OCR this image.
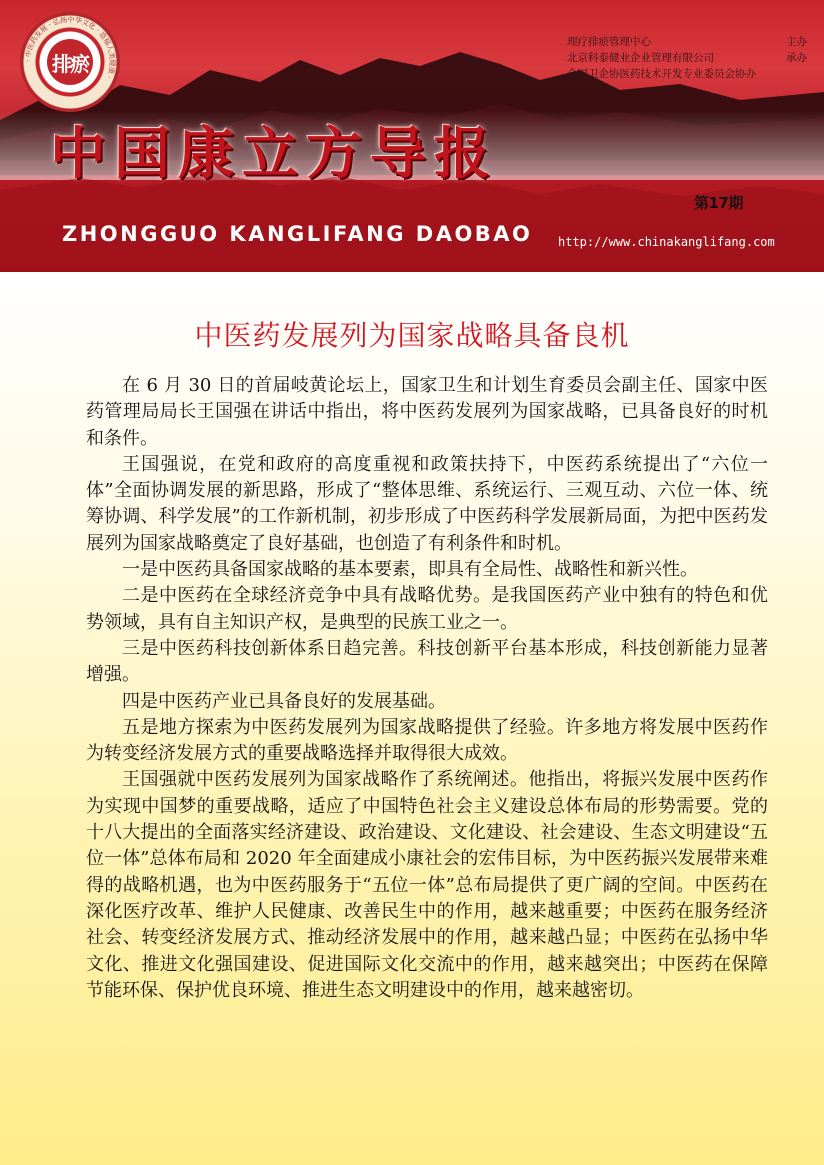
· 中医药发展 · 弘扬中华文化 · 造福人类健康 ·
排瘀
理疗排瘀管理中心	主办
北京科泰健业企业管理有限公司	承办
全国卫企协医药技术开发专业委员会协办
中国康立方导报
第17期
ZHONGGUO KANGLIFANG DAOBAO http://www.chinakanglifang.com
中医药发展列为国家战略具备良机

在 6 月 30 日的首届岐黄论坛上，国家卫生和计划生育委员会副主任、国家中医药管理局局长王国强在讲话中指出，将中医药发展列为国家战略，已具备良好的时机和条件。

王国强说，在党和政府的高度重视和政策扶持下，中医药系统提出了“六位一体”全面协调发展的新思路，形成了“整体思维、系统运行、三观互动、六位一体、统筹协调、科学发展”的工作新机制，初步形成了中医药科学发展新局面，为把中医药发展列为国家战略奠定了良好基础，也创造了有利条件和时机。

一是中医药具备国家战略的基本要素，即具有全局性、战略性和新兴性。

二是中医药在全球经济竞争中具有战略优势。是我国医药产业中独有的特色和优势领域，具有自主知识产权，是典型的民族工业之一。

三是中医药科技创新体系日趋完善。科技创新平台基本形成，科技创新能力显著增强。

四是中医药产业已具备良好的发展基础。

五是地方探索为中医药发展列为国家战略提供了经验。许多地方将发展中医药作为转变经济发展方式的重要战略选择并取得很大成效。

王国强就中医药发展列为国家战略作了系统阐述。他指出，将振兴发展中医药作为实现中国梦的重要战略，适应了中国特色社会主义建设总体布局的形势需要。党的十八大提出的全面落实经济建设、政治建设、文化建设、社会建设、生态文明建设“五位一体”总体布局和 2020 年全面建成小康社会的宏伟目标，为中医药振兴发展带来难得的战略机遇，也为中医药服务于“五位一体”总布局提供了更广阔的空间。中医药在深化医疗改革、维护人民健康、改善民生中的作用，越来越重要；中医药在服务经济社会、转变经济发展方式、推动经济发展中的作用，越来越凸显；中医药在弘扬中华文化、推进文化强国建设、促进国际文化交流中的作用，越来越突出；中医药在保障节能环保、保护优良环境、推进生态文明建设中的作用，越来越密切。
